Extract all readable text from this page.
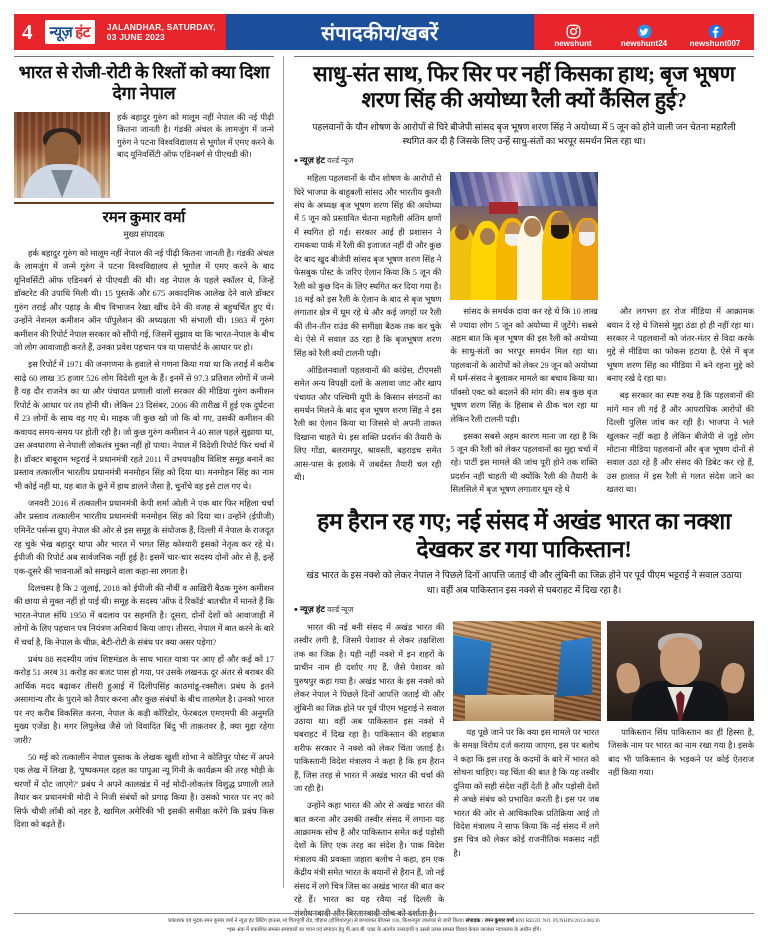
4	न्यूज़ हंट JALANDHAR, SATURDAY,
03 JUNE 2023	संपादकीय/खबरें	newshunt	newshunt24	newshunt007
भारत से रोजी-रोटी के रिश्तों को क्या दिशा देगा नेपाल

हर्क बहादुर गुरुंग को मालूम नहीं नेपाल की नई पीढ़ी कितना जानती है। गंडकी अंचल के लामजुंग में जन्मे गुरुंग ने पटना विश्वविद्यालय से भूगोल में एमए करने के बाद यूनिवर्सिटी ऑफ एडिनबर्ग से पीएचडी की।

रमन कुमार वर्मा
मुख्य संपादक

हर्क बहादुर गुरुंग को मालूम नहीं नेपाल की नई पीढ़ी कितना जानती है। गंडकी अंचल के लामजुंग में जन्मे गुरुंग ने पटना विश्वविद्यालय से भूगोल में एमए करने के बाद यूनिवर्सिटी ऑफ एडिनबर्ग से पीएचडी की थी। वह नेपाल के पहले स्कॉलर थे, जिन्हें डॉक्टरेट की उपाधि मिली थी। 15 पुस्तकें और 675 अकादमिक आलेख देने वाले डॉक्टर गुरुंग तराई और पहाड़ के बीच विभाजन रेखा खींच देने की वजह से बहुचर्चित हुए थे। उन्होंने नेशनल कमीशन ऑन पॉपुलेशन की अध्यक्षता भी संभाली थी। 1983 में गुरुंग कमीशन की रिपोर्ट नेपाल सरकार को सौंपी गई, जिसमें सुझाव था कि भारत-नेपाल के बीच जो लोग आवाजाही करते हैं, उनका प्रवेश पहचान पत्र या पासपोर्ट के आधार पर हो।

इस रिपोर्ट में 1971 की जनगणना के हवाले से गणना किया गया था कि तराई में करीब साढ़े 60 लाख 35 हजार 526 लोग विदेशी मूल के हैं। इनमें से 97.3 प्रतिशत लोगों में जन्मे हैं यह दौर राजनेत्र का था और पंचायत प्रणाली वालों सरकार की मीडिया गुरुंग कमीशन रिपोर्ट के आधार पर तय होनी थी। लेकिन 23 दिसंबर, 2006 की तारीख़ में हुई एक दुर्घटना में 23 लोगों के साथ वह गए थे। माइक जी कुछ खो जो कि बो गए, उसकी कमीशन की कवायद समय-समय पर होती रही है। जो कुछ गुरुंग कमीशन ने 40 साल पहले सुझाया था, उस अवधारणा से नेपाली लोकतंत्र मुक्त नहीं हो पाया। नेपाल में विदेशी रिपोर्ट फिर चर्चा में है। डॉक्टर बाबूराम भट्टराई ने प्रधानमंत्री रहते 2011 में उभयपक्षीय विशिष्ट समूह बनाने का प्रस्ताव तत्कालीन भारतीय प्रधानमंत्री मनमोहन सिंह को दिया था। मनमोहन सिंह का नाम भी कोई नहीं था, यह बात के छूने में हाथ डालने जैसा है, चुनाँचे वह इसे टाल गए थे।

जनवरी 2016 में तत्कालीन प्रधानमंत्री केपी शर्मा ओली ने एक बार फिर महिला चर्चा और प्रस्ताव तत्कालीन भारतीय प्रधानमंत्री मनमोहन सिंह को दिया था। उन्होंने (ईपीजी) एमिनेंट पर्सन्स ग्रुप) नेपाल की ओर से इस समूह के संयोजक हैं, दिल्ली में नेपाल के राजदूत रह चुके भेख बहादुर थापा और भारत में भगत सिंह कोश्यारी इसको नेतृत्व कर रहे थे। ईपीजी की रिपोर्ट अब सार्वजनिक नहीं हुई है। इसमें चार-चार सदस्य दोनों ओर से हैं, इन्हें एक-दूसरे की भावनाओं को समझने वाला कहा-सा लगता है।

दिलचस्प है कि 2 जुलाई, 2018 को ईपीजी की नौवीं व आख़िरी बैठक गुरुंग कमीशन की छाया से मुक्त नहीं हो पाई थी। समूह के सदस्य 'ऑफ दे रिकॉर्ड' बातचीत में मानते हैं कि भारत-नेपाल संधि 1950 में बदलाव पर सहमति है। दूसरा, दोनों देशों को आवाजाही में लोगों के लिए पहचान पत्र नियंत्रण अनिवार्य किया जाए। तीसरा, नेपाल में बात करने के बारे में चर्चा है, कि नेपाल के चीफ़, बेटी-रोटी के संबंध पर क्या असर पड़ेगा?

प्रबंध 88 सदस्यीय जांच शिष्टमंडल के साथ भारत यात्रा पर आए हों और कई को 17 करोड़ 51 अरब 31 करोड़ का बजट पास हो गया, पर उसके लखनऊ दूर अंतर से बराबर की आर्थिक मदद बढ़ाकर तीसरी हुआई में दिलीपसिंह काठमांडू-रक्सौल। प्रबंध के इतने असामान्य तौर के पुराने को तैयार करना और कुछ संबंधों के बीच तालमेल है। उनको भारत पर नए करीब विकसित करना, नेपाल के कड़ी कॉरिडोर, फेरबदल एमएमपी की अनुमति मुख्य एजेंडा है। मगर लिपुलेख जैसे जो विवादित बिंदु भी ताक़तवर है, क्या मुद्दा रहेगा जारी?

50 मई को तत्कालीन नेपाल पुस्तक के लेखक खुशी शोभा ने कोतिपुर पोस्ट में अपने एक लेख में लिखा है, 'पुष्पकमल दहल का पापुआ न्यू गिनी के कार्यक्रम की तरह भोड़ी के चरणों में दोट जाएगे?' प्रबंध ने अपने कालखंड में नई मोदी-लोकतंत्र विशुद्ध प्रणाली लाते तैयार कर प्रधानमंत्री मोदी ने निजी संबंधों को प्रगाढ़ किया है। उसको भारत पर नए को सिर्फ चौथी लॉबी को नहर है, खामिल अमेरिकी भी इसकी समीक्षा करेंगे कि प्रबंध किस दिशा को बढ़ते हैं।

साधु-संत साथ, फिर सिर पर नहीं किसका हाथ; बृज भूषण शरण सिंह की अयोध्या रैली क्यों कैंसिल हुई?
पहलवानों के यौन शोषण के आरोपों से घिरे बीजेपी सांसद बृज भूषण शरण सिंह ने अयोध्या में 5 जून को होने वाली जन चेतना महारैली स्थगित कर दी है जिसके लिए उन्हें साधु-संतों का भरपूर समर्थन मिल रहा था।
• न्यूज़ हंट वर्ल्ड न्यूज

महिला पहलवानों के यौन शोषण के आरोपों से घिरे भाजपा के बाहुबली सांसद और भारतीय कुश्ती संघ के अध्यक्ष बृज भूषण शरण सिंह की अयोध्या में 5 जून को प्रस्तावित चेतना महारैली अंतिम क्षणों में स्थगित हो गई। सरकार आई ही प्रशासन ने रामकथा पार्क में रैली की इजाजत नहीं दी और कुछ देर बाद खुद बीजेपी सांसद बृज भूषण शरण सिंह ने फेसबुक पोस्ट के जरिए ऐलान किया कि 5 जून की रैली को कुछ दिन के लिए स्थगित कर दिया गया है। 18 मई को इस रैली के ऐलान के बाद से बृज भूषण लगातार क्षेत्र में घूम रहे थे और कई जगहों पर रैली की तीन-तीन राउंड की समीक्षा बैठक तक कर चुके थे। ऐसे में सवाल उठ रहा है कि बृजभूषण शरण सिंह को रैली क्यों टालनी पड़ी।

ऑडिलनवालों पहलवानों की कांग्रेस, टीएमसी समेत अन्य विपक्षी दलों के अलावा जाट और खाप पंचायत और पश्चिमी यूपी के किसान संगठनों का समर्थन मिलने के बाद बृज भूषण शरण सिंह ने इस रैली का ऐलान किया था जिससे वो अपनी ताकत दिखाना चाहते थे। इस शक्ति प्रदर्शन की तैयारी के लिए गोंडा, बलरामपुर, श्रावस्ती, बहराइच समेत आस-पास के इलाके में जबर्दस्त तैयारी चल रही थी।

सांसद के समर्थक दावा कर रहे थे कि 10 लाख से ज्यादा लोग 5 जून को अयोध्या में जुटेंगे। सबसे अहम बात कि बृज भूषण की इस रैली को अयोध्या के साधु-संतों का भरपूर समर्थन मिल रहा था। पहलवानों के आरोपों को लेकर 29 जून को अयोध्या में धर्म-संसद ने बुलाकर मामले का बचाव किया था। पॉक्सो एक्ट को बदलने की मांग की। सब कुछ बृज भूषण शरण सिंह के हिसाब से ठीक चल रहा था लेकिन रैली टालनी पड़ी।

इसका सबसे अहम कारण माना जा रहा है कि 5 जून की रैली को लेकर पहलवानों का मुद्दा चर्चा में रहे। पार्टी इस मामले की जांच पूरी होने तक शक्ति प्रदर्शन नहीं चाहती थी क्योंकि रैली की तैयारी के सिलसिले में बृज भूषण लगातार घूम रहे थे

और लगभग हर रोज मीडिया में आक्रामक बयान दे रहे थे जिससे मुद्दा ठंडा हो ही नहीं रहा था। सरकार ने पहलवानों को जंतर-मंतर से विदा करके मुद्दे से मीडिया का फोकस हटाया है, ऐसे में बृज भूषण शरण सिंह का मीडिया में बने रहना मुद्दे को बनाए रखे दे रहा था।

बड़ सरकार का स्पष्ट रुख है कि पहलवानों की मांगें मान ली गई हैं और आपराधिक आरोपों की दिल्ली पुलिस जांच कर रही है। भाजपा ने भले खुलकर नहीं कहा है लेकिन बीजेपी से जुड़े लोग मोटाना मीडिया पहलवानों और बृज भूषण दोनों से सवाल उठा रहे हैं और संसद की डिबेट कर रहे हैं, उस हालात में इस रैली से गलत संदेश जाने का खतरा था।

हम हैरान रह गए; नई संसद में अखंड भारत का नक्शा देखकर डर गया पाकिस्तान!
खंड भारत के इस नक्शे को लेकर नेपाल ने पिछले दिनों आपत्ति जताई थी और लुंबिनी का जिक्र होने पर पूर्व पीएम भट्टराई ने सवाल उठाया था। वहीं अब पाकिस्तान इस नक्शे से घबराहट में दिख रहा है।
• न्यूज़ हंट वर्ल्ड न्यूज

भारत की नई बनी संसद में अखंड भारत की तस्वीर लगी है, जिसमें पेशावर से लेकर तक्षशिला तक का जिक्र है। यही नहीं नक्शे में इन शहरों के प्राचीन नाम ही दर्शाए गए हैं, जैसे पेशावर को पुरुषपुर कहा गया है। अखंड भारत के इस नक्शे को लेकर नेपाल ने पिछले दिनों आपत्ति जताई थी और लुंबिनी का जिक्र होने पर पूर्व पीएम भट्टराई ने सवाल उठाया था। वहीं अब पाकिस्तान इस नक्शे में घबराहट में दिख रहा है। पाकिस्तान की शहबाज शरीफ सरकार ने नक्शे को लेकर चिंता जताई है। पाकिस्तानी विदेश मंत्रालय ने कहा है कि हम हैरान हैं, जिस तरह से भारत में अखंड भारत की चर्चा की जा रही है।

उन्होंने कहा भारत की ओर से अखंड भारत की बात करना और उसकी तस्वीर संसद में लगाना यह आक्रामक सोच है और पाकिस्तान समेत कई पड़ोसी देशों के लिए एक तरह का संदेश है। पाक विदेश मंत्रालय की प्रवक्ता जहारा बलोच ने कहा, हम एक केंद्रीय मंत्री समेत भारत के बयानों से हैरान हैं, जो नई संसद में लगे चित्र जिस का अखंड भारत की बात कर रहे हैं। भारत का यह रवैया नई दिल्ली के संशोधनवादी और विस्तारवादी सोच को दर्शाता है।

यह पूछे जाने पर कि क्या इस मामले पर भारत के समक्ष विरोध दर्ज कराया जाएगा, इस पर बलोच ने कहा कि इस तरह के कदमों के बारे में भारत को सोचना चाहिए। यह चिंता की बात है कि यह तस्वीर दुनिया को सही संदेश नहीं देती है और पड़ोसी देशों से अच्छे संबंध को प्रभावित करती है। इस पर जब भारत की ओर से आधिकारिक प्रतिक्रिया आई तो विदेश मंत्रालय ने साफ किया कि नई संसद में लगे इस चित्र को लेकर कोई राजनीतिक मकसद नहीं है।

पाकिस्तान सिंध पाकिस्तान का ही हिस्सा है, जिसके नाम पर भारत का नाम रखा गया है। इसके बाद भी पाकिस्तान के भड़कने पर कोई ऐतराज नहीं किया गया।

प्रकाशक एवं मुद्रक रमन कुमार वर्मा ने न्यूज़ हंट प्रिंटिंग हाऊस, मां चिंतपूर्णी रोड, चौहाल (होशियारपुर) से छपवाकर बीएम्स 106, किशनपुरा जालंधर से जारी किया। संपादक : रमन कुमार वर्मा RNI REGD. NO. PUNHIN/2013/48236

*इस अंक में प्रकाशित समस्त समाचारों का चयन एवं संपादन हेतु पी.आर.बी. एक्ट के अंतर्गत उत्तरदायी व उससे उत्पन्न समस्त विवाद केवल जालंधर न्यायालय के अधीन होंगे।
